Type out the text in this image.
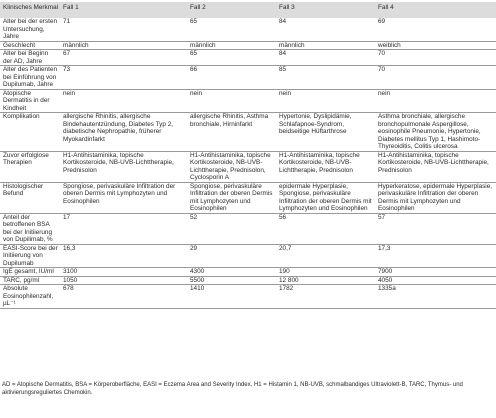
Klinisches Merkmal	Fall 1	Fall 2	Fall 3	Fall 4
Alter bei der ersten Untersuchung, Jahre	71	65	84	69
Geschlecht	männlich	männlich	männlich	weiblich
Alter bei Beginn der AD, Jahre	67	65	84	70
Alter des Patienten bei Einführung von Dupilumab, Jahre	73	66	85	70
Atopische Dermatitis in der Kindheit	nein	nein	nein	nein
Komplikation	allergische Rhinitis, allergische Bindehautentzündung, Diabetes Typ 2, diabetische Nephropathie, früherer Myokardinfarkt	allergische Rhinitis, Asthma bronchiale, Hirninfarkt	Hypertonie, Dyslipidämie, Schlafapnoe-Syndrom, beidseitige Hüftarthrose	Asthma bronchiale, allergische bronchopulmonale Aspergillose, eosinophile Pneumonie, Hypertonie, Diabetes mellitus Typ 1, Hashimoto-Thyreoiditis, Colitis ulcerosa
Zuvor erfolglose Therapien	H1-Antihistaminika, topische Kortikosteroide, NB-UVB-Lichttherapie, Prednisolon	H1-Antihistaminika, topische Kortikosteroide, NB-UVB-Lichttherapie, Prednisolon, Cyclosporin A	H1-Antihistaminika, topische Kortikosteroide, NB-UVB-Lichttherapie, Prednisolon	H1-Antihistaminika, topische Kortikosteroide, NB-UVB-Lichttherapie, Prednisolon
Histologischer Befund	Spongiose, perivaskuläre Infiltration der oberen Dermis mit Lymphozyten und Eosinophilen	Spongiose, perivaskuläre Infiltration der oberen Dermis mit Lymphozyten und Eosinophilen	epidermale Hyperplasie, Spongiose, perivaskuläre Infiltration der oberen Dermis mit Lymphozyten und Eosinophilen	Hyperkeratose, epidermale Hyperplasie, perivaskuläre Infiltration der oberen Dermis mit Lymphozyten und Eosinophilen
Anteil der betroffenen BSA bei der Initiierung von Dupilimab, %	17	52	56	57
EASI-Score bei der Initiierung von Dupilumab	16,3	29	20,7	17,3
IgE gesamt, IU/ml	3100	4300	190	7900
TARC, pg/ml	1050	5500	12 800	4050
Absolute Eosinophilenzahl, µL⁻¹	678	1410	1782	1335a
AD = Atopische Dermatitis, BSA = Körperoberfläche, EASI = Eczema Area and Severity Index, H1 = Histamin 1, NB-UVB, schmalbandiges Ultraviolett-B, TARC, Thymus- und aktivierungsreguliertes Chemokin.
